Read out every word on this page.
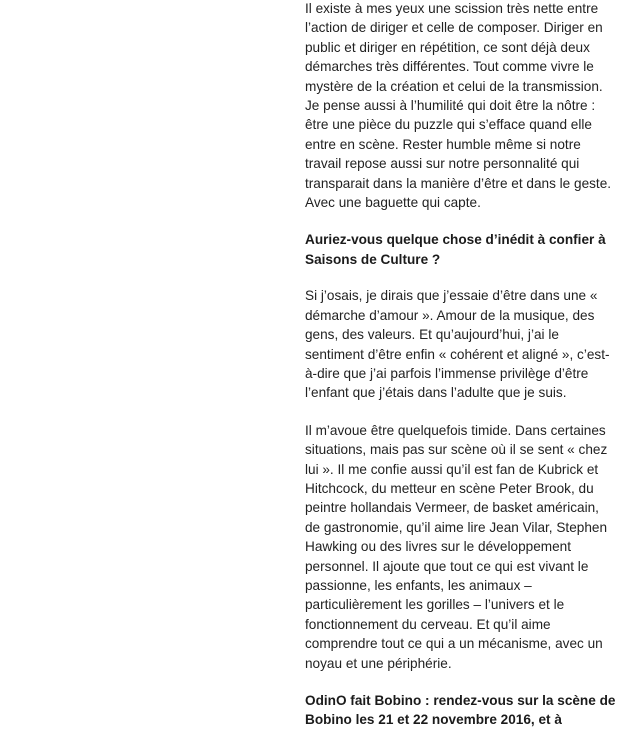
Il existe à mes yeux une scission très nette entre l’action de diriger et celle de composer. Diriger en public et diriger en répétition, ce sont déjà deux démarches très différentes. Tout comme vivre le mystère de la création et celui de la transmission. Je pense aussi à l’humilité qui doit être la nôtre : être une pièce du puzzle qui s’efface quand elle entre en scène. Rester humble même si notre travail repose aussi sur notre personnalité qui transparait dans la manière d’être et dans le geste. Avec une baguette qui capte.

Auriez-vous quelque chose d’inédit à confier à Saisons de Culture ?

Si j’osais, je dirais que j’essaie d’être dans une « démarche d’amour ». Amour de la musique, des gens, des valeurs. Et qu’aujourd’hui, j’ai le sentiment d’être enfin « cohérent et aligné », c’est-à-dire que j’ai parfois l’immense privilège d’être l’enfant que j’étais dans l’adulte que je suis.

Il m’avoue être quelquefois timide. Dans certaines situations, mais pas sur scène où il se sent « chez lui ». Il me confie aussi qu’il est fan de Kubrick et Hitchcock, du metteur en scène Peter Brook, du peintre hollandais Vermeer, de basket américain, de gastronomie, qu’il aime lire Jean Vilar, Stephen Hawking ou des livres sur le développement personnel. Il ajoute que tout ce qui est vivant le passionne, les enfants, les animaux – particulièrement les gorilles – l’univers et le fonctionnement du cerveau. Et qu’il aime comprendre tout ce qui a un mécanisme, avec un noyau et une périphérie.

OdinO fait Bobino : rendez-vous sur la scène de Bobino les 21 et 22 novembre 2016, et à
